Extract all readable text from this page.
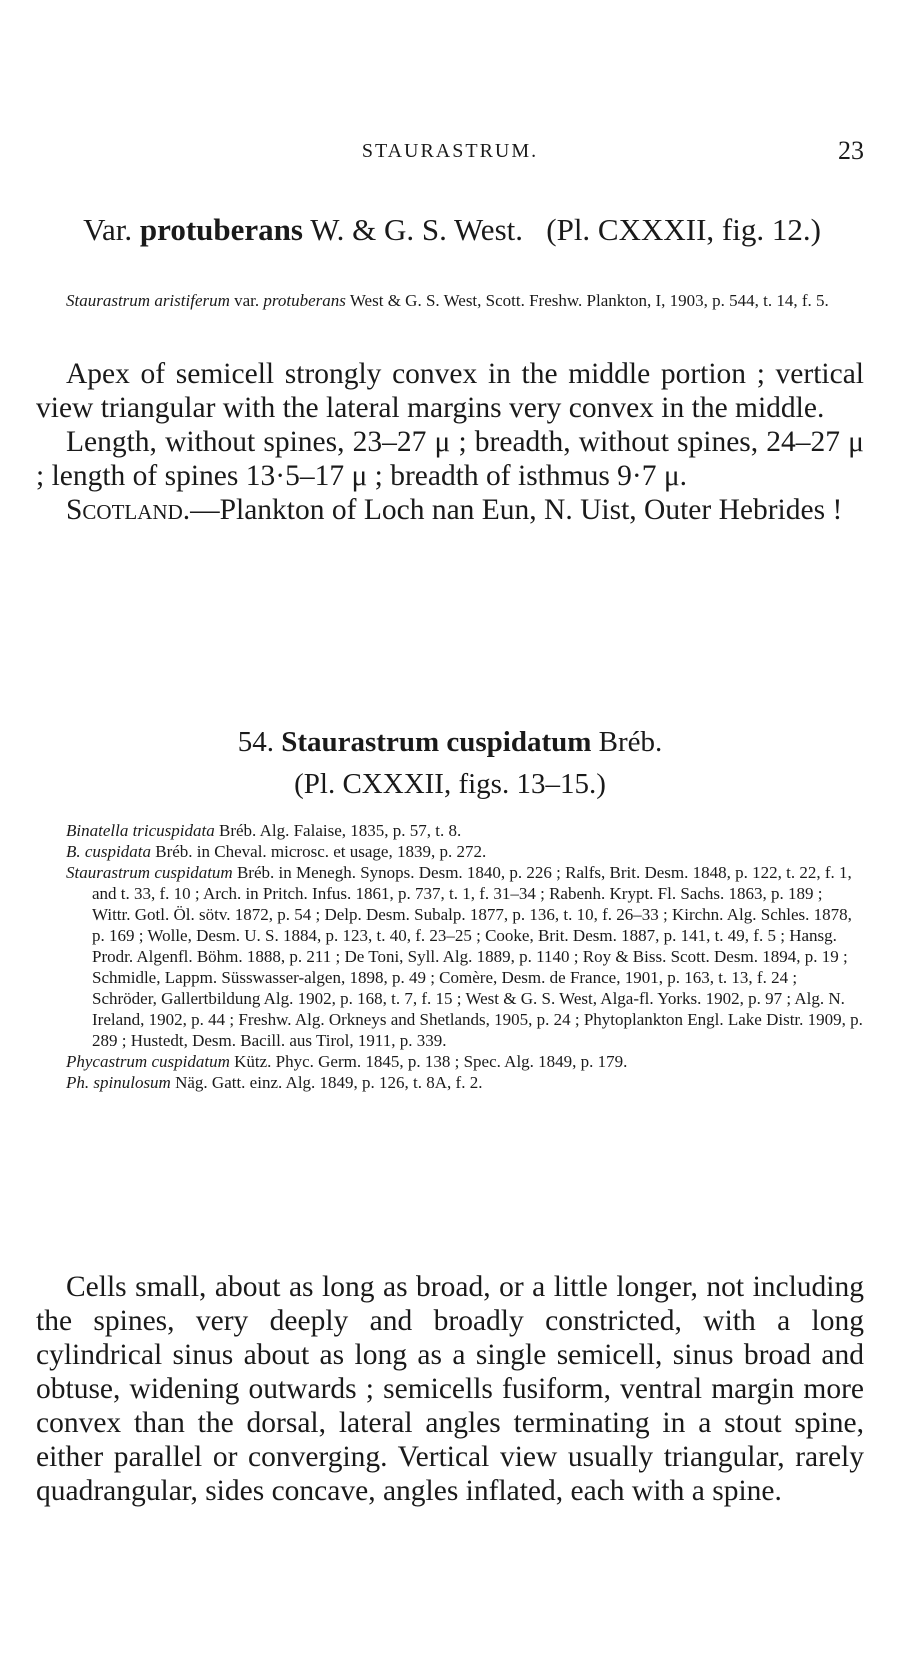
STAURASTRUM.	23
Var. protuberans W. & G. S. West. (Pl. CXXXII, fig. 12.)

Staurastrum aristiferum var. protuberans West & G. S. West, Scott. Freshw. Plankton, I, 1903, p. 544, t. 14, f. 5.

Apex of semicell strongly convex in the middle portion ; vertical view triangular with the lateral margins very convex in the middle.

Length, without spines, 23–27 μ ; breadth, without spines, 24–27 μ ; length of spines 13·5–17 μ ; breadth of isthmus 9·7 μ.

Scotland.—Plankton of Loch nan Eun, N. Uist, Outer Hebrides !

54. Staurastrum cuspidatum Bréb.
(Pl. CXXXII, figs. 13–15.)

Binatella tricuspidata Bréb. Alg. Falaise, 1835, p. 57, t. 8.

B. cuspidata Bréb. in Cheval. microsc. et usage, 1839, p. 272.

Staurastrum cuspidatum Bréb. in Menegh. Synops. Desm. 1840, p. 226 ; Ralfs, Brit. Desm. 1848, p. 122, t. 22, f. 1, and t. 33, f. 10 ; Arch. in Pritch. Infus. 1861, p. 737, t. 1, f. 31–34 ; Rabenh. Krypt. Fl. Sachs. 1863, p. 189 ; Wittr. Gotl. Öl. sötv. 1872, p. 54 ; Delp. Desm. Subalp. 1877, p. 136, t. 10, f. 26–33 ; Kirchn. Alg. Schles. 1878, p. 169 ; Wolle, Desm. U. S. 1884, p. 123, t. 40, f. 23–25 ; Cooke, Brit. Desm. 1887, p. 141, t. 49, f. 5 ; Hansg. Prodr. Algenfl. Böhm. 1888, p. 211 ; De Toni, Syll. Alg. 1889, p. 1140 ; Roy & Biss. Scott. Desm. 1894, p. 19 ; Schmidle, Lappm. Süsswasser-algen, 1898, p. 49 ; Comère, Desm. de France, 1901, p. 163, t. 13, f. 24 ; Schröder, Gallertbildung Alg. 1902, p. 168, t. 7, f. 15 ; West & G. S. West, Alga-fl. Yorks. 1902, p. 97 ; Alg. N. Ireland, 1902, p. 44 ; Freshw. Alg. Orkneys and Shetlands, 1905, p. 24 ; Phytoplankton Engl. Lake Distr. 1909, p. 289 ; Hustedt, Desm. Bacill. aus Tirol, 1911, p. 339.

Phycastrum cuspidatum Kütz. Phyc. Germ. 1845, p. 138 ; Spec. Alg. 1849, p. 179.

Ph. spinulosum Näg. Gatt. einz. Alg. 1849, p. 126, t. 8A, f. 2.

Cells small, about as long as broad, or a little longer, not including the spines, very deeply and broadly constricted, with a long cylindrical sinus about as long as a single semicell, sinus broad and obtuse, widening outwards ; semicells fusiform, ventral margin more convex than the dorsal, lateral angles terminating in a stout spine, either parallel or converging. Vertical view usually triangular, rarely quadrangular, sides concave, angles inflated, each with a spine.
